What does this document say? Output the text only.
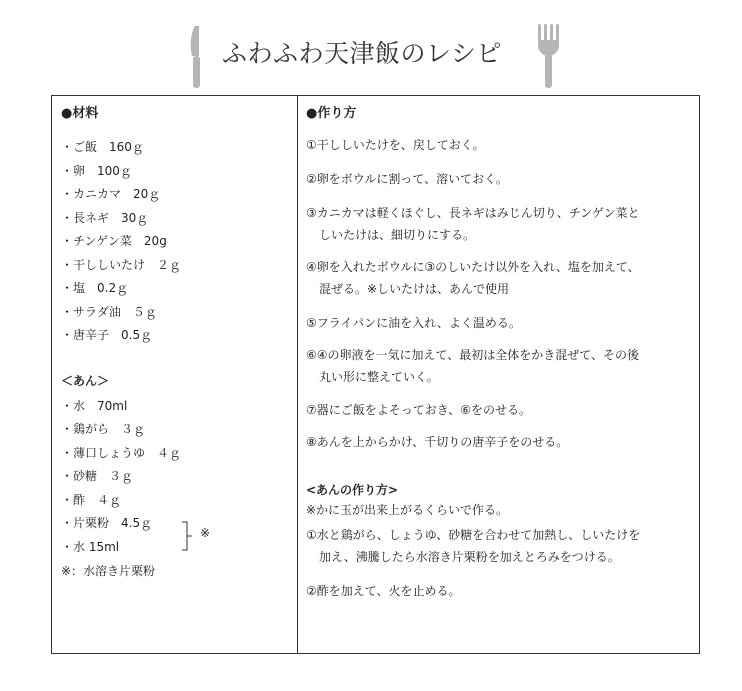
ふわふわ天津飯のレシピ
●材料
・ご飯　160ｇ
・卵　100ｇ
・カニカマ　20ｇ
・長ネギ　30ｇ
・チンゲン菜　20g
・干ししいたけ　２ｇ
・塩　0.2ｇ
・サラダ油　５ｇ
・唐辛子　0.5ｇ
＜あん＞
・水　70ml
・鶏がら　３ｇ
・薄口しょうゆ　４ｇ
・砂糖　３ｇ
・酢　４ｇ
・片栗粉　4.5ｇ
・水 15ml
※
※：水溶き片栗粉
●作り方
①干ししいたけを、戻しておく。
②卵をボウルに割って、溶いておく。
③カニカマは軽くほぐし、長ネギはみじん切り、チンゲン菜と
しいたけは、細切りにする。
④卵を入れたボウルに③のしいたけ以外を入れ、塩を加えて、
混ぜる。※しいたけは、あんで使用
⑤フライパンに油を入れ、よく温める。
⑥④の卵液を一気に加えて、最初は全体をかき混ぜて、その後
丸い形に整えていく。
⑦器にご飯をよそっておき、⑥をのせる。
⑧あんを上からかけ、千切りの唐辛子をのせる。
<あんの作り方>
※かに玉が出来上がるくらいで作る。
①水と鶏がら、しょうゆ、砂糖を合わせて加熱し、しいたけを
加え、沸騰したら水溶き片栗粉を加えとろみをつける。
②酢を加えて、火を止める。
